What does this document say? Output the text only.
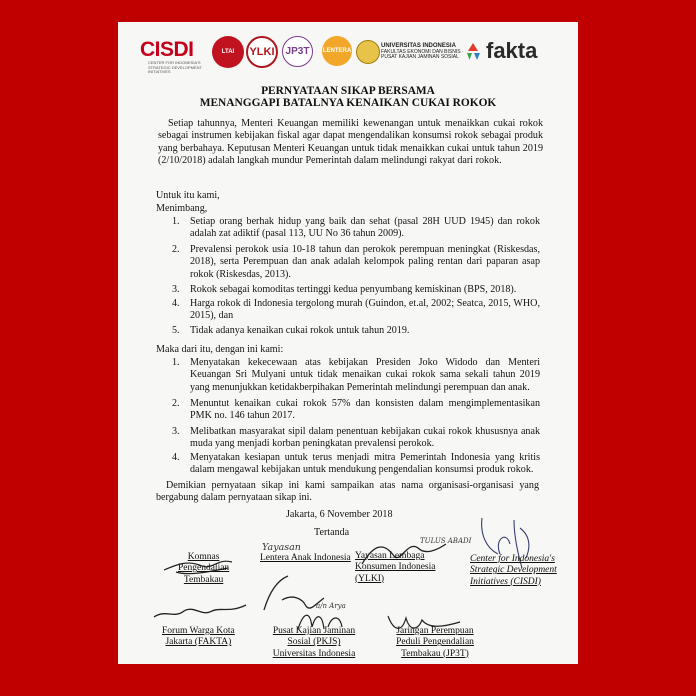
CISDI
CENTER FOR INDONESIA'S STRATEGIC DEVELOPMENT INITIATIVES
LTAI	YLKI	JP3T	LENTERA
UNIVERSITAS INDONESIA
FAKULTAS EKONOMI DAN BISNIS · PUSAT KAJIAN JAMINAN SOSIAL	fakta
PERNYATAAN SIKAP BERSAMA
MENANGGAPI BATALNYA KENAIKAN CUKAI ROKOK
Setiap tahunnya, Menteri Keuangan memiliki kewenangan untuk menaikkan cukai rokok sebagai instrumen kebijakan fiskal agar dapat mengendalikan konsumsi rokok sebagai produk yang berbahaya. Keputusan Menteri Keuangan untuk tidak menaikkan cukai untuk tahun 2019 (2/10/2018) adalah langkah mundur Pemerintah dalam melindungi rakyat dari rokok.
Untuk itu kami,
Menimbang,
1. Setiap orang berhak hidup yang baik dan sehat (pasal 28H UUD 1945) dan rokok adalah zat adiktif (pasal 113, UU No 36 tahun 2009).
2. Prevalensi perokok usia 10-18 tahun dan perokok perempuan meningkat (Riskesdas, 2018), serta Perempuan dan anak adalah kelompok paling rentan dari paparan asap rokok (Riskesdas, 2013).
3. Rokok sebagai komoditas tertinggi kedua penyumbang kemiskinan (BPS, 2018).
4. Harga rokok di Indonesia tergolong murah (Guindon, et.al, 2002; Seatca, 2015, WHO, 2015), dan
5. Tidak adanya kenaikan cukai rokok untuk tahun 2019.
Maka dari itu, dengan ini kami:
1. Menyatakan kekecewaan atas kebijakan Presiden Joko Widodo dan Menteri Keuangan Sri Mulyani untuk tidak menaikan cukai rokok sama sekali tahun 2019 yang menunjukkan ketidakberpihakan Pemerintah melindungi perempuan dan anak.
2. Menuntut kenaikan cukai rokok 57% dan konsisten dalam mengimplementasikan PMK no. 146 tahun 2017.
3. Melibatkan masyarakat sipil dalam penentuan kebijakan cukai rokok khususnya anak muda yang menjadi korban peningkatan prevalensi perokok.
4. Menyatakan kesiapan untuk terus menjadi mitra Pemerintah Indonesia yang kritis dalam mengawal kebijakan untuk mendukung pengendalian konsumsi produk rokok.
Demikian pernyataan sikap ini kami sampaikan atas nama organisasi-organisasi yang bergabung dalam pernyataan sikap ini.
Jakarta, 6 November 2018
Tertanda
TULUS ABADI
a/n Arya
Komnas
Pengendalian
Tembakau
Yayasan
Lentera Anak Indonesia Yayasan Lembaga
Konsumen Indonesia
(YLKI)
Center for Indonesia's
Strategic Development
Initiatives (CISDI)
Forum Warga Kota
Jakarta (FAKTA)
Pusat Kajian Jaminan
Sosial (PKJS)
Universitas Indonesia
Jaringan Perempuan
Peduli Pengendalian
Tembakau (JP3T)
